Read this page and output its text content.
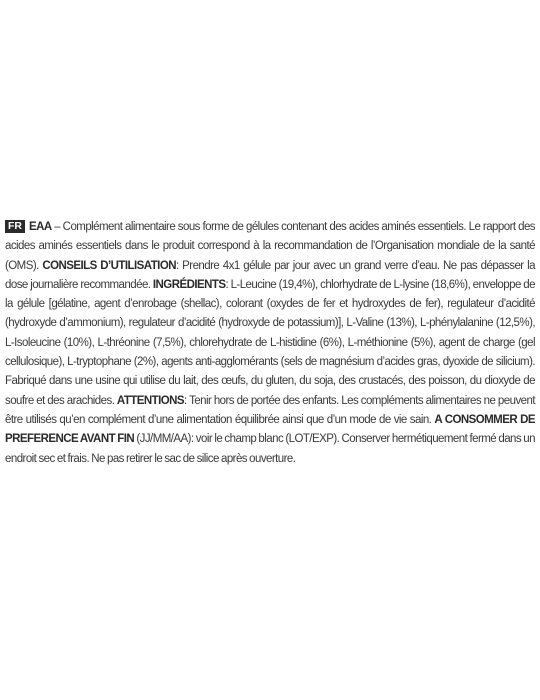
FR EAA – Complément alimentaire sous forme de gélules contenant des acides aminés essentiels. Le rapport des acides aminés essentiels dans le produit correspond à la recommandation de l’Organisation mondiale de la santé (OMS). CONSEILS D’UTILISATION: Prendre 4x1 gélule par jour avec un grand verre d’eau. Ne pas dépasser la dose journalière recommandée. INGRÉDIENTS: L-Leucine (19,4%), chlorhydrate de L-lysine (18,6%), enveloppe de la gélule [gélatine, agent d’enrobage (shellac), colorant (oxydes de fer et hydroxydes de fer), regulateur d’acidité (hydroxyde d’ammonium), regulateur d’acidité (hydroxyde de potassium)], L-Valine (13%), L-phénylalanine (12,5%), L-Isoleucine (10%), L-thréonine (7,5%), chlorehydrate de L-histidine (6%), L-méthionine (5%), agent de charge (gel cellulosique), L-tryptophane (2%), agents anti-agglomérants (sels de magnésium d’acides gras, dyoxide de silicium). Fabriqué dans une usine qui utilise du lait, des œufs, du gluten, du soja, des crustacés, des poisson, du dioxyde de soufre et des arachides. ATTENTIONS: Tenir hors de portée des enfants. Les compléments alimentaires ne peuvent être utilisés qu’en complément d’une alimentation équilibrée ainsi que d’un mode de vie sain. A CONSOMMER DE PREFERENCE AVANT FIN (JJ/MM/AA): voir le champ blanc (LOT/EXP). Conserver hermétiquement fermé dans un endroit sec et frais. Ne pas retirer le sac de silice après ouverture.
